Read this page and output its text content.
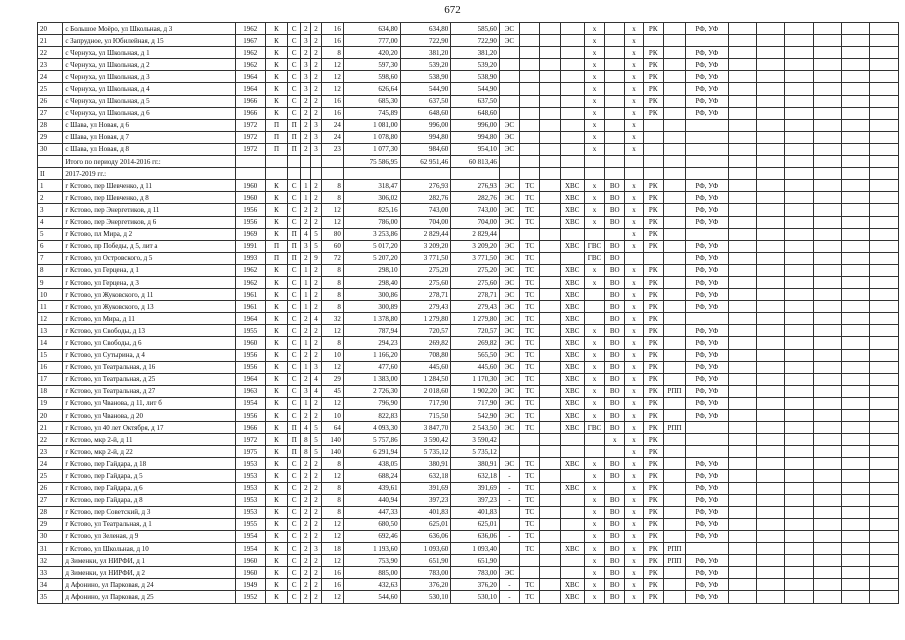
672
20	с Большое Моёро, ул Школьная, д 3	1962	К	С	2	2	16	634,80	634,80	585,60	ЭС				х		х	РК		РФ, УФ						
21	с Запрудное, ул Юбилейная, д 15	1967	К	С	3	2	16	777,00	722,90	722,90	ЭС				х		х									
22	с Чернуха, ул Школьная, д 1	1962	К	С	2	2	8	420,20	381,20	381,20					х		х	РК		РФ, УФ						
23	с Чернуха, ул Школьная, д 2	1962	К	С	3	2	12	597,30	539,20	539,20					х		х	РК		РФ, УФ						
24	с Чернуха, ул Школьная, д 3	1964	К	С	3	2	12	598,60	538,90	538,90					х		х	РК		РФ, УФ						
25	с Чернуха, ул Школьная, д 4	1964	К	С	3	2	12	626,64	544,90	544,90					х		х	РК		РФ, УФ						
26	с Чернуха, ул Школьная, д 5	1966	К	С	2	2	16	685,30	637,50	637,50					х		х	РК		РФ, УФ						
27	с Чернуха, ул Школьная, д 6	1966	К	С	2	2	16	745,89	648,60	648,60					х		х	РК		РФ, УФ						
28	с Шава, ул Новая, д 6	1972	П	П	2	3	24	1 081,00	996,00	996,00	ЭС				х		х									
29	с Шава, ул Новая, д 7	1972	П	П	2	3	24	1 078,80	994,80	994,80	ЭС				х		х									
30	с Шава, ул Новая, д 8	1972	П	П	2	3	23	1 077,30	984,60	954,10	ЭС				х		х									
	Итого по периоду 2014-2016 гг.:							75 586,95	62 951,46	60 813,46																
II	2017-2019 гг.:																									
1	г Кстово, пер Шевченко, д 11	1960	К	С	1	2	8	318,47	276,93	276,93	ЭС	ТС		ХВС	х	ВО	х	РК		РФ, УФ						
2	г Кстово, пер Шевченко, д 8	1960	К	С	1	2	8	306,02	282,76	282,76	ЭС	ТС		ХВС	х	ВО	х	РК		РФ, УФ						
3	г Кстово, пер Энергетиков, д 11	1956	К	С	2	2	12	825,16	743,00	743,00	ЭС	ТС		ХВС	х	ВО	х	РК		РФ, УФ						
4	г Кстово, пер Энергетиков, д 6	1956	К	С	2	2	12	786,00	704,00	704,00	ЭС	ТС		ХВС	х	ВО	х	РК		РФ, УФ						
5	г Кстово, пл Мира, д 2	1969	К	П	4	5	80	3 253,86	2 829,44	2 829,44							х	РК								
6	г Кстово, пр Победы, д 5, лит а	1991	П	П	3	5	60	5 017,20	3 209,20	3 209,20	ЭС	ТС		ХВС	ГВС	ВО	х	РК		РФ, УФ						
7	г Кстово, ул Островского, д 5	1993	П	П	2	9	72	5 207,20	3 771,50	3 771,50	ЭС	ТС			ГВС	ВО				РФ, УФ						
8	г Кстово, ул Герцена, д 1	1962	К	С	1	2	8	298,10	275,20	275,20	ЭС	ТС		ХВС	х	ВО	х	РК		РФ, УФ						
9	г Кстово, ул Герцена, д 3	1962	К	С	1	2	8	298,40	275,60	275,60	ЭС	ТС		ХВС	х	ВО	х	РК		РФ, УФ						
10	г Кстово, ул Жуковского, д 11	1961	К	С	1	2	8	300,86	278,71	278,71	ЭС	ТС		ХВС		ВО	х	РК		РФ, УФ						
11	г Кстово, ул Жуковского, д 13	1961	К	С	1	2	8	300,89	279,43	279,43	ЭС	ТС		ХВС		ВО	х	РК		РФ, УФ						
12	г Кстово, ул Мира, д 11	1964	К	С	2	4	32	1 378,80	1 279,80	1 279,80	ЭС	ТС		ХВС		ВО	х	РК								
13	г Кстово, ул Свободы, д 13	1955	К	С	2	2	12	787,94	720,57	720,57	ЭС	ТС		ХВС	х	ВО	х	РК		РФ, УФ						
14	г Кстово, ул Свободы, д 6	1960	К	С	1	2	8	294,23	269,82	269,82	ЭС	ТС		ХВС	х	ВО	х	РК		РФ, УФ						
15	г Кстово, ул Сутырина, д 4	1956	К	С	2	2	10	1 166,20	708,80	565,50	ЭС	ТС		ХВС	х	ВО	х	РК		РФ, УФ						
16	г Кстово, ул Театральная, д 16	1956	К	С	1	3	12	477,60	445,60	445,60	ЭС	ТС		ХВС	х	ВО	х	РК		РФ, УФ						
17	г Кстово, ул Театральная, д 25	1964	К	С	2	4	29	1 383,00	1 284,50	1 170,30	ЭС	ТС		ХВС	х	ВО	х	РК		РФ, УФ						
18	г Кстово, ул Театральная, д 27	1963	К	С	3	4	45	2 726,30	2 018,60	1 902,20	ЭС	ТС		ХВС	х	ВО	х	РК	РПП	РФ, УФ						
19	г Кстово, ул Чванова, д 11, лит б	1954	К	С	1	2	12	796,90	717,90	717,90	ЭС	ТС		ХВС	х	ВО	х	РК		РФ, УФ						
20	г Кстово, ул Чванова, д 20	1956	К	С	2	2	10	822,83	715,50	542,90	ЭС	ТС		ХВС	х	ВО	х	РК		РФ, УФ						
21	г Кстово, ул 40 лет Октября, д 17	1966	К	П	4	5	64	4 093,30	3 847,70	2 543,50	ЭС	ТС		ХВС	ГВС	ВО	х	РК	РПП							
22	г Кстово, мкр 2-й, д 11	1972	К	П	8	5	140	5 757,86	3 590,42	3 590,42						х	х	РК								
23	г Кстово, мкр 2-й, д 22	1975	К	П	8	5	140	6 291,94	5 735,12	5 735,12							х	РК								
24	г Кстово, пер Гайдара, д 18	1953	К	С	2	2	8	438,05	380,91	380,91	ЭС	ТС		ХВС	х	ВО	х	РК		РФ, УФ						
25	г Кстово, пер Гайдара, д 5	1953	К	С	2	2	12	688,24	632,18	632,18	-	ТС			х	ВО	х	РК		РФ, УФ						
26	г Кстово, пер Гайдара, д 6	1953	К	С	2	2	8	439,61	391,69	391,69	-	ТС		ХВС	х		х	РК		РФ, УФ						
27	г Кстово, пер Гайдара, д 8	1953	К	С	2	2	8	440,94	397,23	397,23	-	ТС			х	ВО	х	РК		РФ, УФ						
28	г Кстово, пер Советский, д 3	1953	К	С	2	2	8	447,33	401,83	401,83		ТС			х	ВО	х	РК		РФ, УФ						
29	г Кстово, ул Театральная, д 1	1955	К	С	2	2	12	680,50	625,01	625,01		ТС			х	ВО	х	РК		РФ, УФ						
30	г Кстово, ул Зеленая, д 9	1954	К	С	2	2	12	692,46	636,06	636,06	-	ТС			х	ВО	х	РК		РФ, УФ						
31	г Кстово, ул Школьная, д 10	1954	К	С	2	3	18	1 193,60	1 093,60	1 093,40		ТС		ХВС	х	ВО	х	РК	РПП							
32	д Зименки, ул НИРФИ, д 1	1960	К	С	2	2	12	753,90	651,90	651,90					х	ВО	х	РК	РПП	РФ, УФ						
33	д Зименки, ул НИРФИ, д 2	1960	К	С	2	2	16	885,00	783,00	783,00	ЭС				х	ВО	х	РК		РФ, УФ						
34	д Афонино, ул Парковая, д 24	1949	К	С	2	2	16	432,63	376,20	376,20	-	ТС		ХВС	х	ВО	х	РК		РФ, УФ						
35	д Афонино, ул Парковая, д 25	1952	К	С	2	2	12	544,60	530,10	530,10	-	ТС		ХВС	х	ВО	х	РК		РФ, УФ						
